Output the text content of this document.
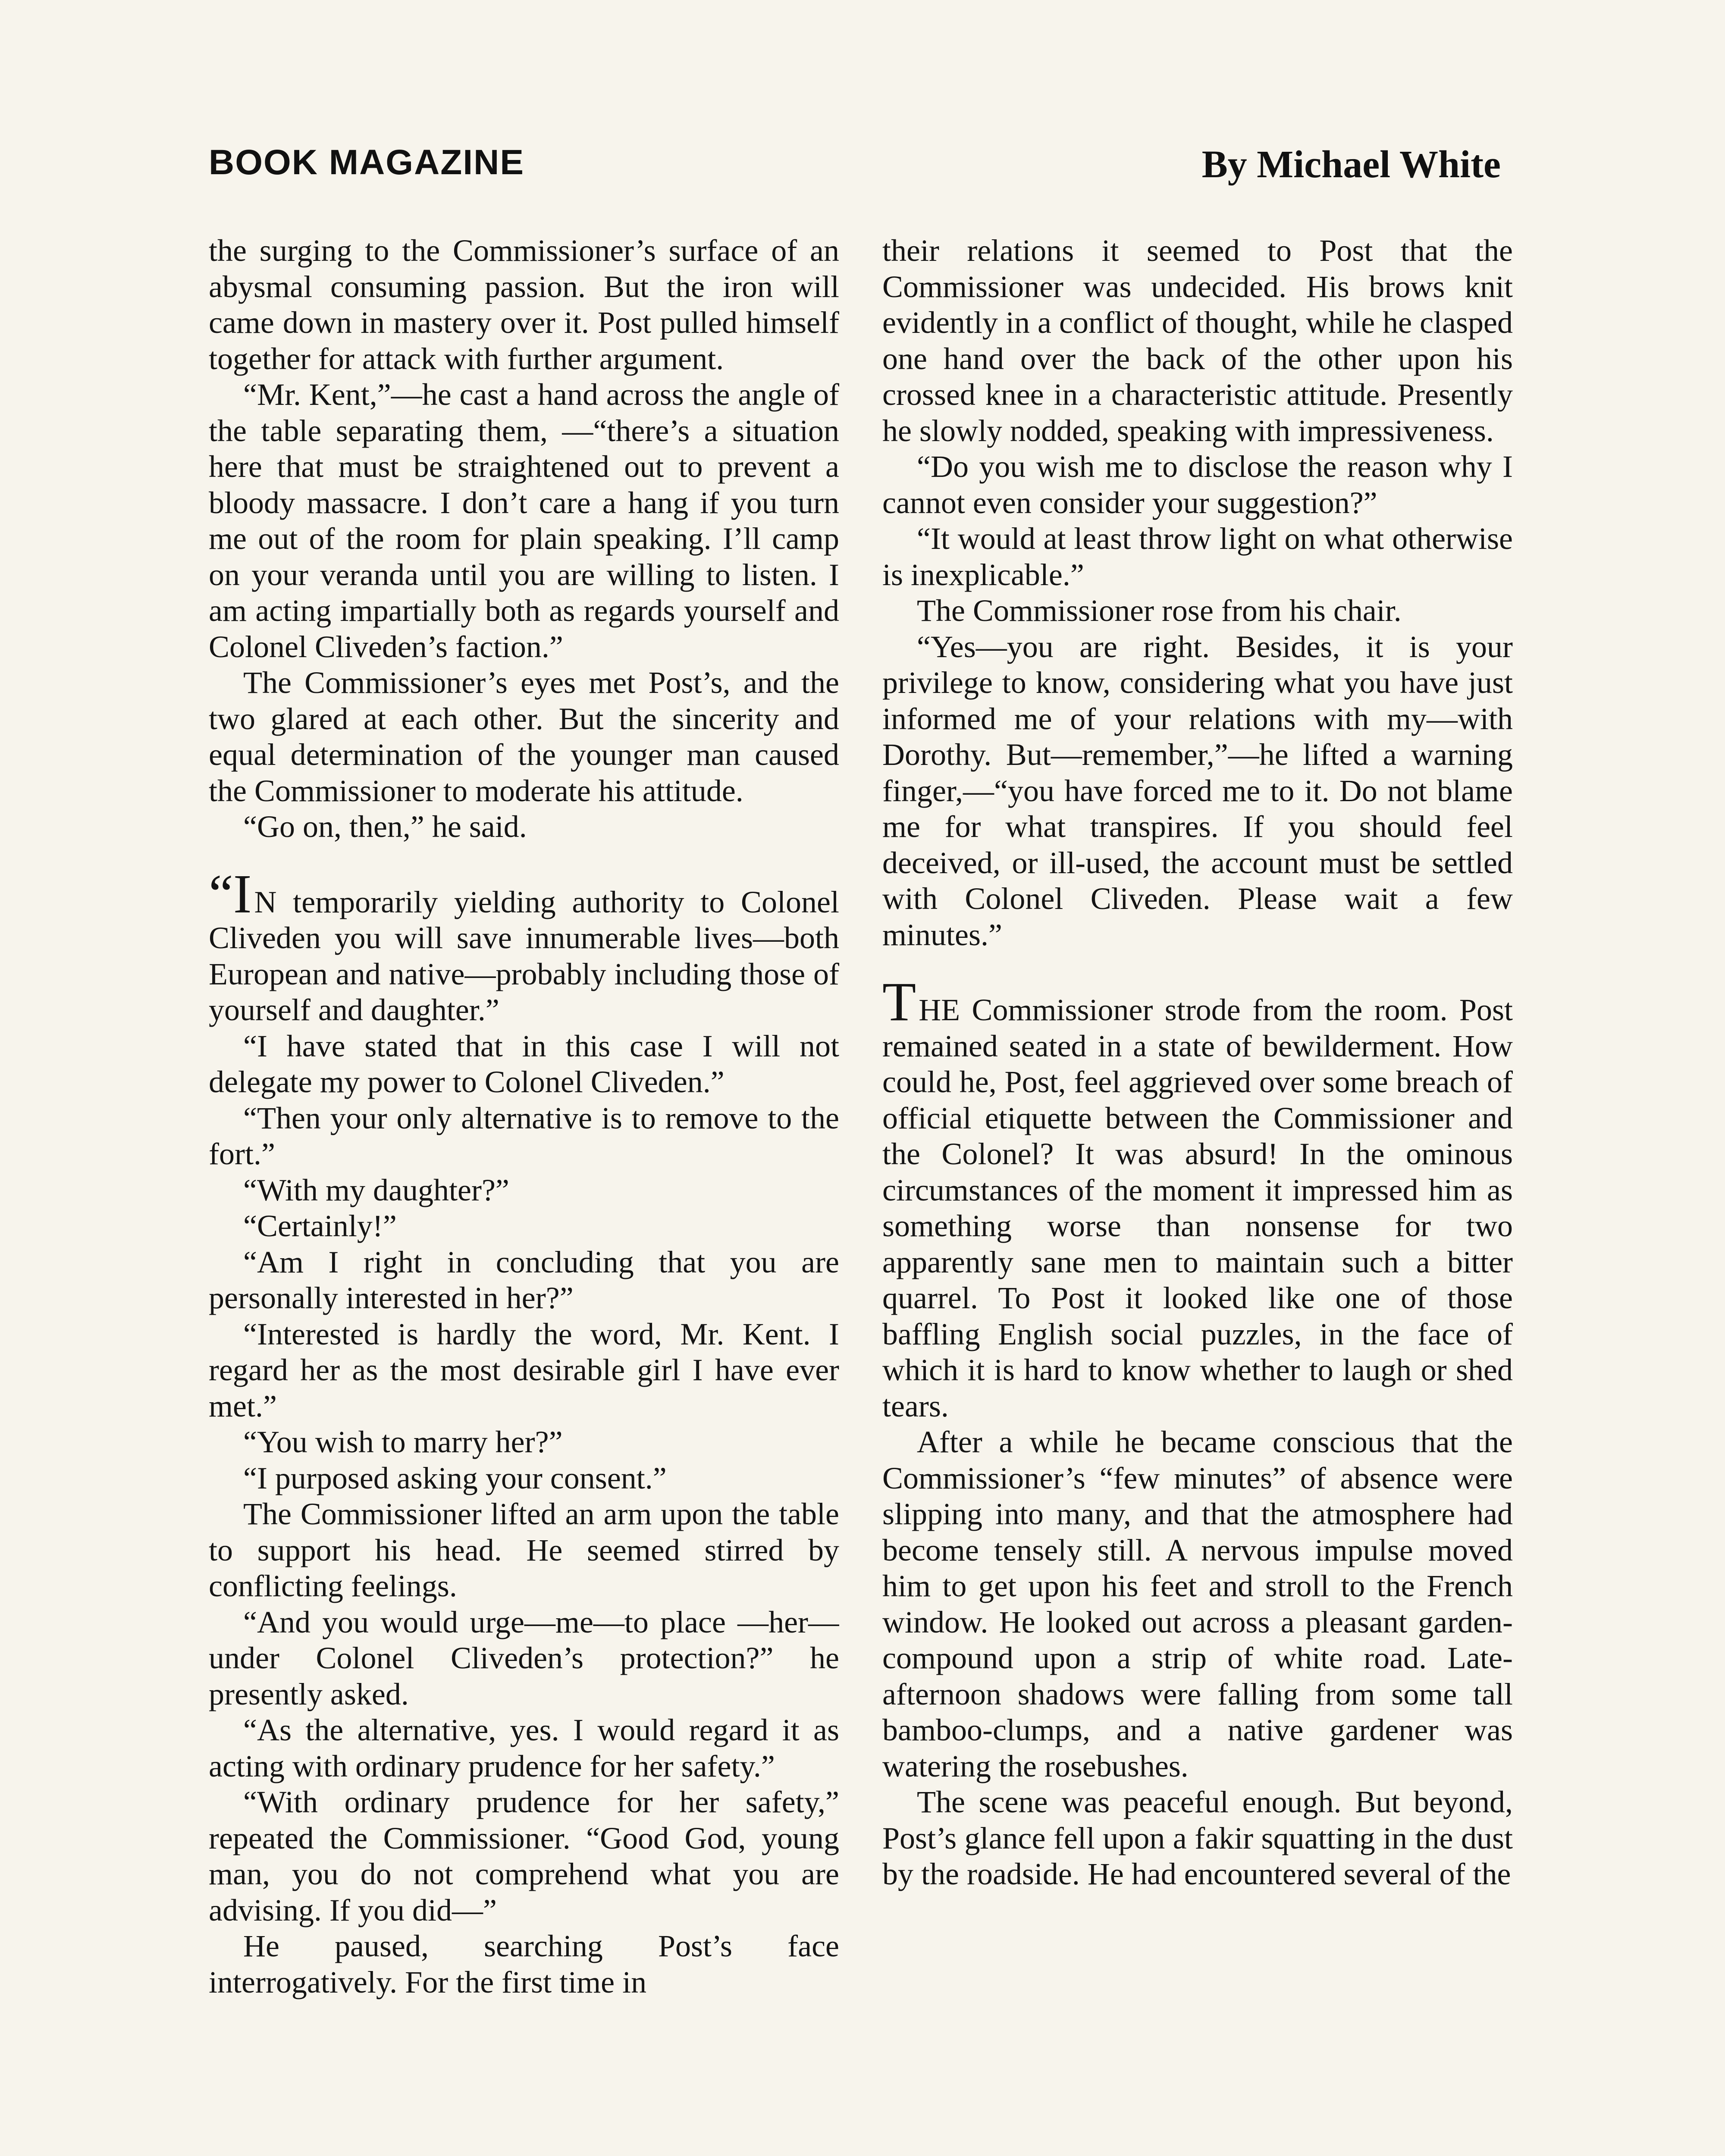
BOOK MAGAZINE	By Michael White

the surging to the Commissioner’s surface of an abysmal consuming passion. But the iron will came down in mastery over it. Post pulled himself together for attack with further argument.

“Mr. Kent,”—he cast a hand across the angle of the table separating them, —“there’s a situation here that must be straightened out to prevent a bloody massacre. I don’t care a hang if you turn me out of the room for plain speaking. I’ll camp on your veranda until you are willing to listen. I am acting impartially both as regards yourself and Colonel Cliveden’s faction.”

The Commissioner’s eyes met Post’s, and the two glared at each other. But the sincerity and equal determination of the younger man caused the Commissioner to moderate his attitude.

“Go on, then,” he said.

“IN temporarily yielding authority to Colonel Cliveden you will save innumerable lives—both European and native—probably including those of yourself and daughter.”

“I have stated that in this case I will not delegate my power to Colonel Cliveden.”

“Then your only alternative is to remove to the fort.”

“With my daughter?”

“Certainly!”

“Am I right in concluding that you are personally interested in her?”

“Interested is hardly the word, Mr. Kent. I regard her as the most desirable girl I have ever met.”

“You wish to marry her?”

“I purposed asking your consent.”

The Commissioner lifted an arm upon the table to support his head. He seemed stirred by conflicting feelings.

“And you would urge—me—to place —her—under Colonel Cliveden’s protection?” he presently asked.

“As the alternative, yes. I would regard it as acting with ordinary prudence for her safety.”

“With ordinary prudence for her safety,” repeated the Commissioner. “Good God, young man, you do not comprehend what you are advising. If you did—”

He paused, searching Post’s face interrogatively. For the first time in

their relations it seemed to Post that the Commissioner was undecided. His brows knit evidently in a conflict of thought, while he clasped one hand over the back of the other upon his crossed knee in a characteristic attitude. Presently he slowly nodded, speaking with impressiveness.

“Do you wish me to disclose the reason why I cannot even consider your suggestion?”

“It would at least throw light on what otherwise is inexplicable.”

The Commissioner rose from his chair.

“Yes—you are right. Besides, it is your privilege to know, considering what you have just informed me of your relations with my—with Dorothy. But—remember,”—he lifted a warning finger,—“you have forced me to it. Do not blame me for what transpires. If you should feel deceived, or ill-used, the account must be settled with Colonel Cliveden. Please wait a few minutes.”

THE Commissioner strode from the room. Post remained seated in a state of bewilderment. How could he, Post, feel aggrieved over some breach of official etiquette between the Commissioner and the Colonel? It was absurd! In the ominous circumstances of the moment it impressed him as something worse than nonsense for two apparently sane men to maintain such a bitter quarrel. To Post it looked like one of those baffling English social puzzles, in the face of which it is hard to know whether to laugh or shed tears.

After a while he became conscious that the Commissioner’s “few minutes” of absence were slipping into many, and that the atmosphere had become tensely still. A nervous impulse moved him to get upon his feet and stroll to the French window. He looked out across a pleasant garden-compound upon a strip of white road. Late-afternoon shadows were falling from some tall bamboo-clumps, and a native gardener was watering the rosebushes.

The scene was peaceful enough. But beyond, Post’s glance fell upon a fakir squatting in the dust by the roadside. He had encountered several of the
